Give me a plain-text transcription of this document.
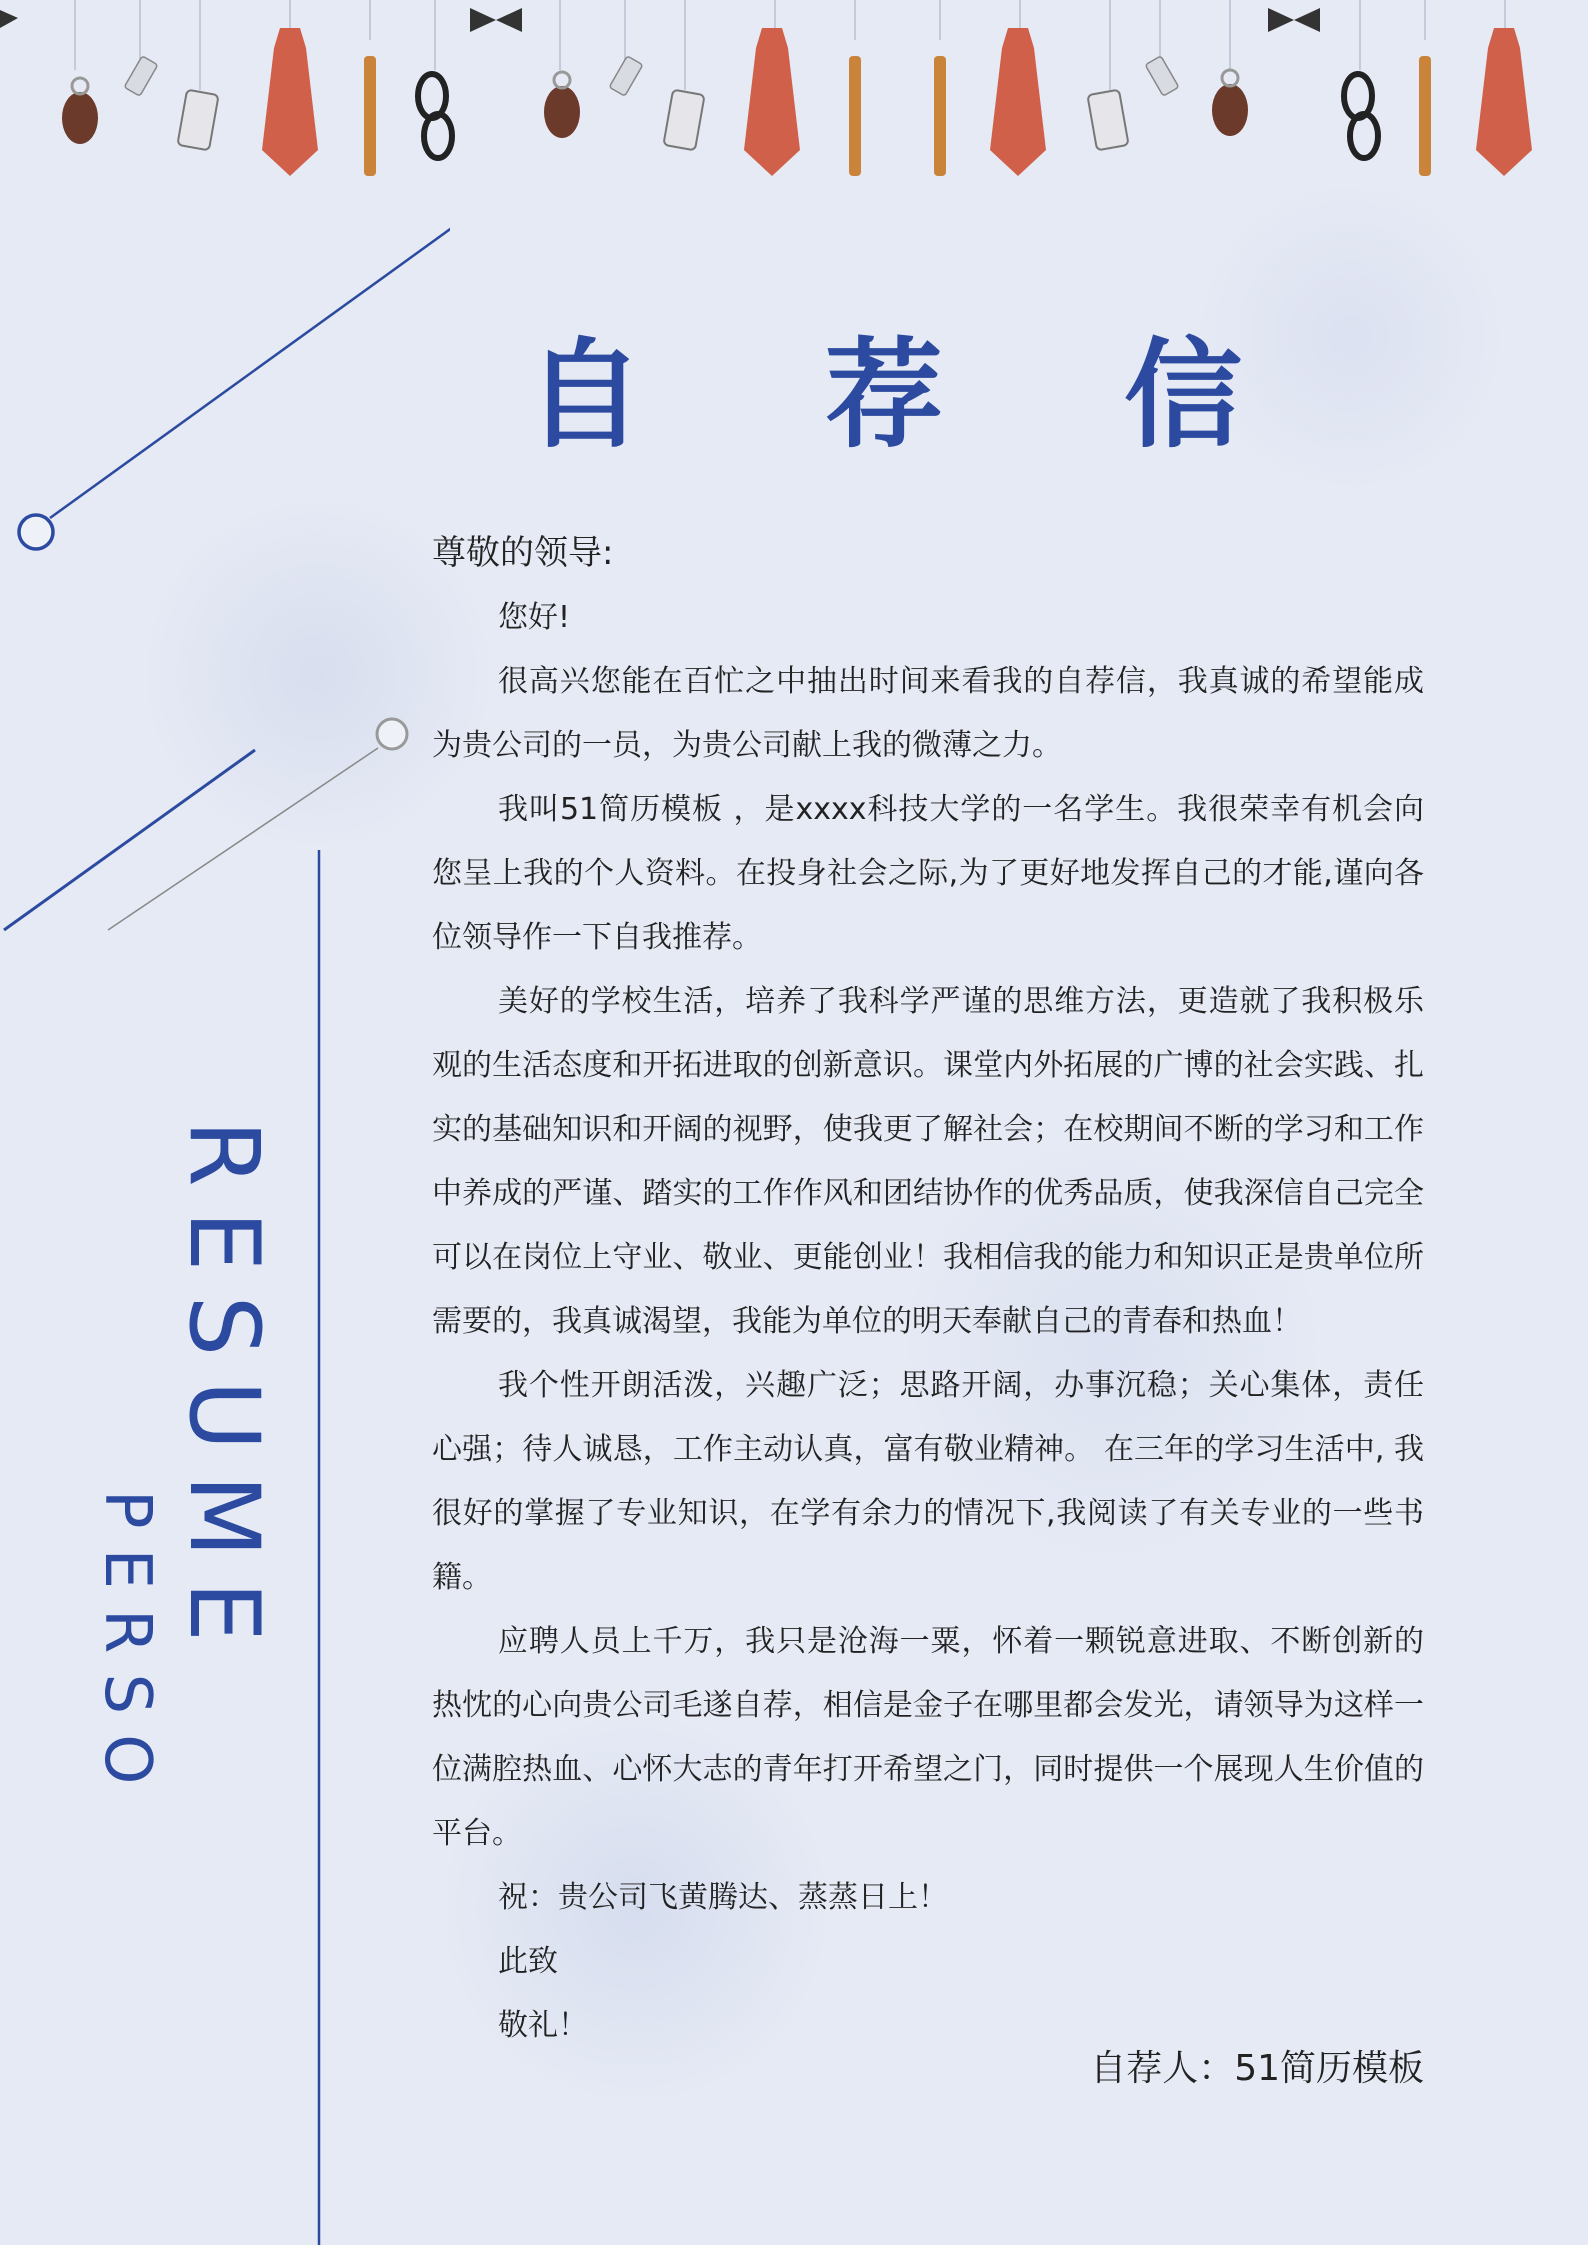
RESUME
PERSO
自 荐 信

尊敬的领导:

您好!

很高兴您能在百忙之中抽出时间来看我的自荐信，我真诚的希望能成为贵公司的一员，为贵公司献上我的微薄之力。

我叫51简历模板 ，是xxxx科技大学的一名学生。我很荣幸有机会向您呈上我的个人资料。在投身社会之际,为了更好地发挥自己的才能,谨向各位领导作一下自我推荐。

美好的学校生活，培养了我科学严谨的思维方法，更造就了我积极乐观的生活态度和开拓进取的创新意识。课堂内外拓展的广博的社会实践、扎实的基础知识和开阔的视野，使我更了解社会；在校期间不断的学习和工作中养成的严谨、踏实的工作作风和团结协作的优秀品质，使我深信自己完全可以在岗位上守业、敬业、更能创业！我相信我的能力和知识正是贵单位所需要的，我真诚渴望，我能为单位的明天奉献自己的青春和热血！

我个性开朗活泼，兴趣广泛；思路开阔，办事沉稳；关心集体，责任心强；待人诚恳，工作主动认真，富有敬业精神。 在三年的学习生活中, 我很好的掌握了专业知识，在学有余力的情况下,我阅读了有关专业的一些书籍。

应聘人员上千万，我只是沧海一粟，怀着一颗锐意进取、不断创新的热忱的心向贵公司毛遂自荐，相信是金子在哪里都会发光，请领导为这样一位满腔热血、心怀大志的青年打开希望之门，同时提供一个展现人生价值的平台。

祝：贵公司飞黄腾达、蒸蒸日上！

此致

敬礼！

自荐人：51简历模板
